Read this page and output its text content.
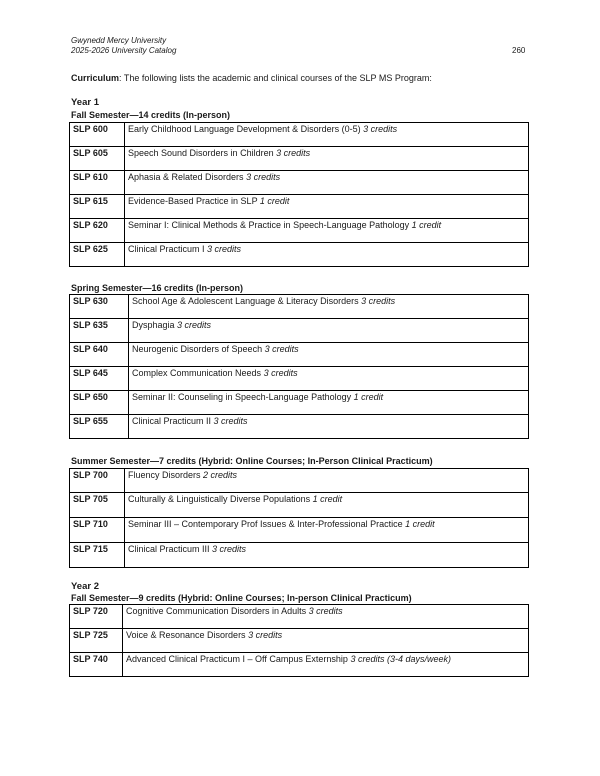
Gwynedd Mercy University
2025-2026 University Catalog	260
Curriculum: The following lists the academic and clinical courses of the SLP MS Program:
Year 1
Fall Semester—14 credits (In-person)
SLP 600	Early Childhood Language Development & Disorders (0-5) 3 credits
SLP 605	Speech Sound Disorders in Children 3 credits
SLP 610	Aphasia & Related Disorders 3 credits
SLP 615	Evidence-Based Practice in SLP 1 credit
SLP 620	Seminar I: Clinical Methods & Practice in Speech-Language Pathology 1 credit
SLP 625	Clinical Practicum I 3 credits
Spring Semester—16 credits (In-person)
SLP 630	School Age & Adolescent Language & Literacy Disorders 3 credits
SLP 635	Dysphagia 3 credits
SLP 640	Neurogenic Disorders of Speech 3 credits
SLP 645	Complex Communication Needs 3 credits
SLP 650	Seminar II: Counseling in Speech-Language Pathology 1 credit
SLP 655	Clinical Practicum II 3 credits
Summer Semester—7 credits (Hybrid: Online Courses; In-Person Clinical Practicum)
SLP 700	Fluency Disorders 2 credits
SLP 705	Culturally & Linguistically Diverse Populations 1 credit
SLP 710	Seminar III – Contemporary Prof Issues & Inter-Professional Practice 1 credit
SLP 715	Clinical Practicum III 3 credits
Year 2
Fall Semester—9 credits (Hybrid: Online Courses; In-person Clinical Practicum)
SLP 720	Cognitive Communication Disorders in Adults 3 credits
SLP 725	Voice & Resonance Disorders 3 credits
SLP 740	Advanced Clinical Practicum I – Off Campus Externship 3 credits (3-4 days/week)
